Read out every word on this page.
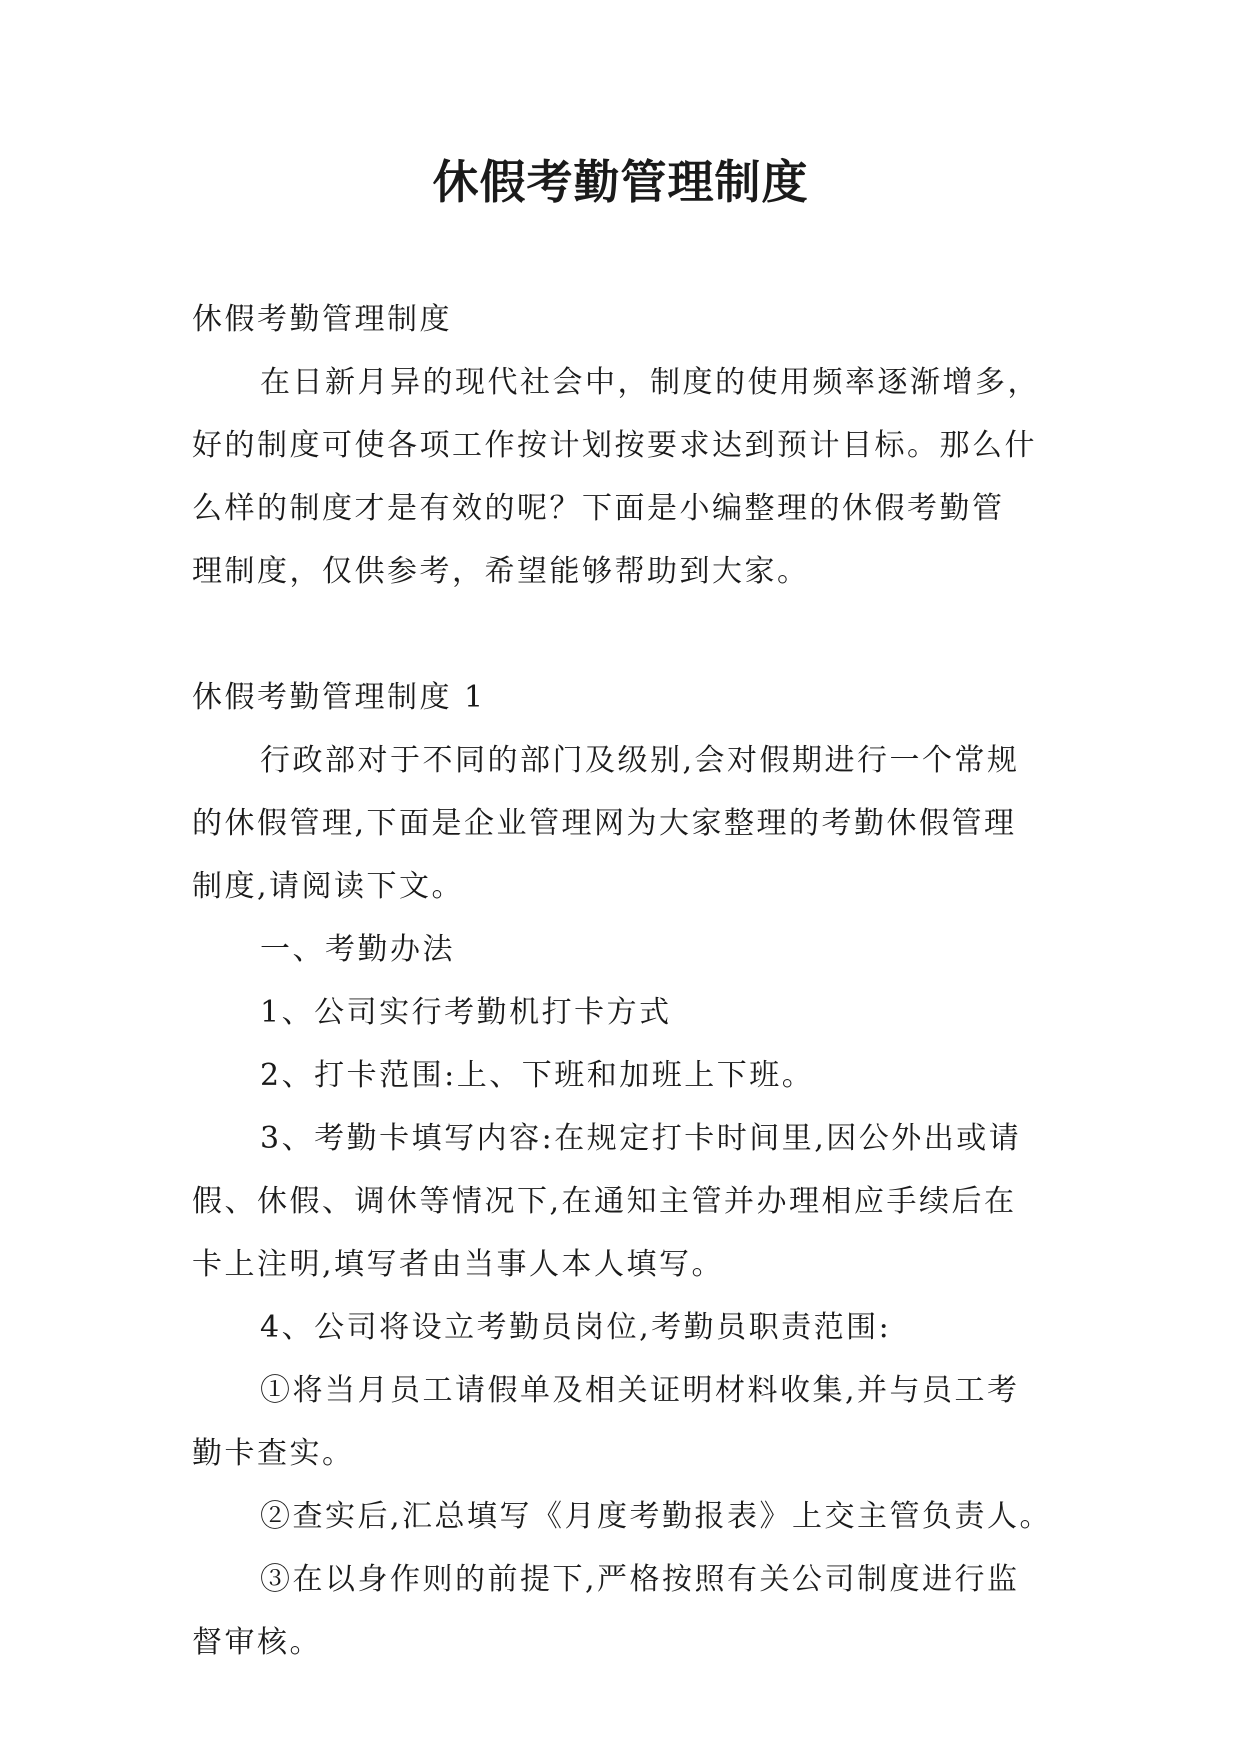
休假考勤管理制度
休假考勤管理制度
在日新月异的现代社会中，制度的使用频率逐渐增多，
好的制度可使各项工作按计划按要求达到预计目标。那么什
么样的制度才是有效的呢？下面是小编整理的休假考勤管
理制度，仅供参考，希望能够帮助到大家。
休假考勤管理制度 1
行政部对于不同的部门及级别,会对假期进行一个常规
的休假管理,下面是企业管理网为大家整理的考勤休假管理
制度,请阅读下文。
一、考勤办法
1、公司实行考勤机打卡方式
2、打卡范围:上、下班和加班上下班。
3、考勤卡填写内容:在规定打卡时间里,因公外出或请
假、休假、调休等情况下,在通知主管并办理相应手续后在
卡上注明,填写者由当事人本人填写。
4、公司将设立考勤员岗位,考勤员职责范围:
①将当月员工请假单及相关证明材料收集,并与员工考
勤卡查实。
②查实后,汇总填写《月度考勤报表》上交主管负责人。
③在以身作则的前提下,严格按照有关公司制度进行监
督审核。
